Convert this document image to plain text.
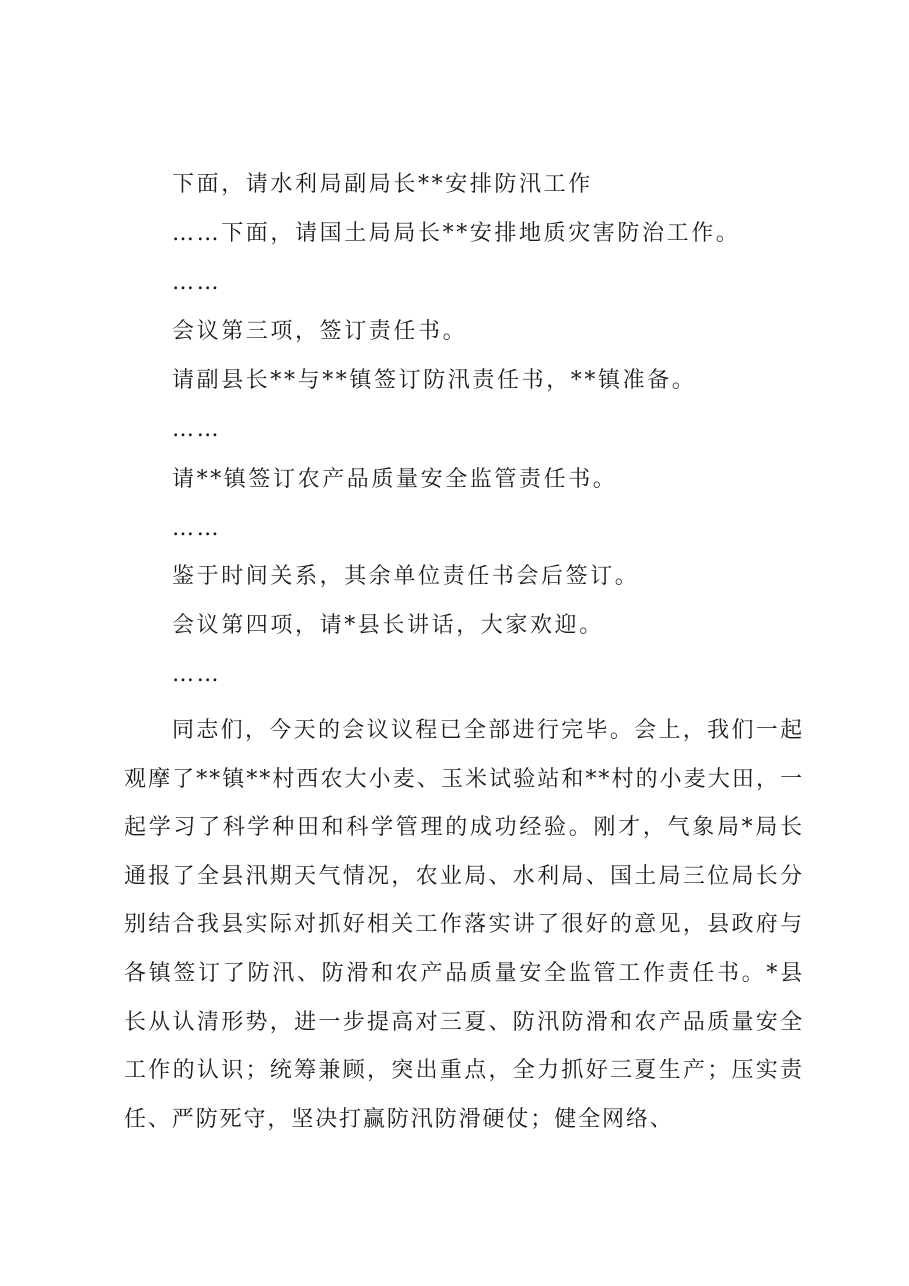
下面，请水利局副局长**安排防汛工作
……下面，请国土局局长**安排地质灾害防治工作。
……
会议第三项，签订责任书。
请副县长**与**镇签订防汛责任书，**镇准备。
……
请**镇签订农产品质量安全监管责任书。
……
鉴于时间关系，其余单位责任书会后签订。
会议第四项，请*县长讲话，大家欢迎。
……

同志们，今天的会议议程已全部进行完毕。会上，我们一起观摩了**镇**村西农大小麦、玉米试验站和**村的小麦大田，一起学习了科学种田和科学管理的成功经验。刚才，气象局*局长通报了全县汛期天气情况，农业局、水利局、国土局三位局长分别结合我县实际对抓好相关工作落实讲了很好的意见，县政府与各镇签订了防汛、防滑和农产品质量安全监管工作责任书。*县长从认清形势，进一步提高对三夏、防汛防滑和农产品质量安全工作的认识；统筹兼顾，突出重点，全力抓好三夏生产；压实责任、严防死守，坚决打赢防汛防滑硬仗；健全网络、
